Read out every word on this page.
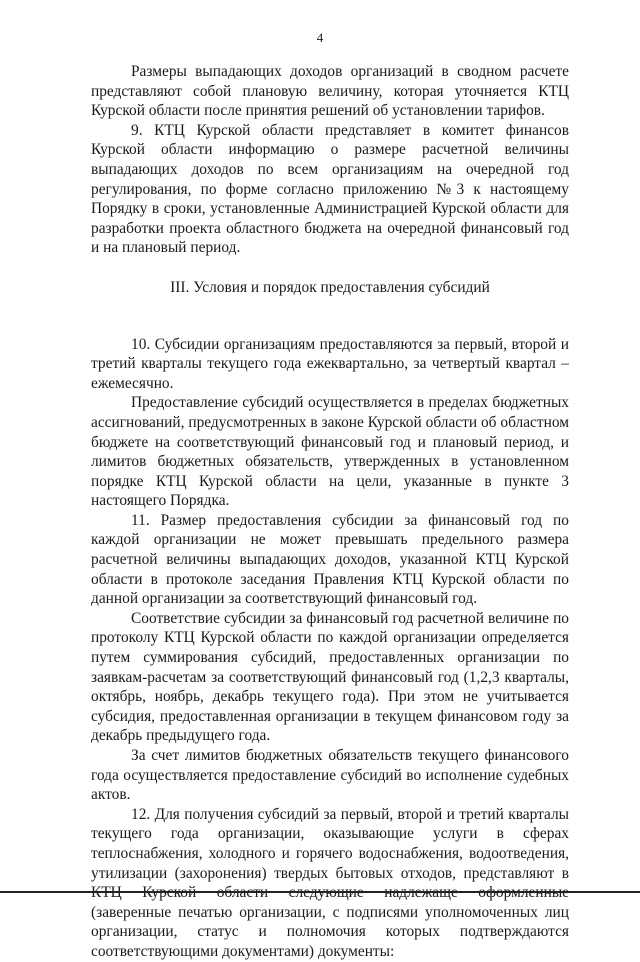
4

Размеры выпадающих доходов организаций в сводном расчете представляют собой плановую величину, которая уточняется КТЦ Курской области после принятия решений об установлении тарифов.

9. КТЦ Курской области представляет в комитет финансов Курской области информацию о размере расчетной величины выпадающих доходов по всем организациям на очередной год регулирования, по форме согласно приложению №3 к настоящему Порядку в сроки, установленные Администрацией Курской области для разработки проекта областного бюджета на очередной финансовый год и на плановый период.

III. Условия и порядок предоставления субсидий

10. Субсидии организациям предоставляются за первый, второй и третий кварталы текущего года ежеквартально, за четвертый квартал – ежемесячно.

Предоставление субсидий осуществляется в пределах бюджетных ассигнований, предусмотренных в законе Курской области об областном бюджете на соответствующий финансовый год и плановый период, и лимитов бюджетных обязательств, утвержденных в установленном порядке КТЦ Курской области на цели, указанные в пункте 3 настоящего Порядка.

11. Размер предоставления субсидии за финансовый год по каждой организации не может превышать предельного размера расчетной величины выпадающих доходов, указанной КТЦ Курской области в протоколе заседания Правления КТЦ Курской области по данной организации за соответствующий финансовый год.

Соответствие субсидии за финансовый год расчетной величине по протоколу КТЦ Курской области по каждой организации определяется путем суммирования субсидий, предоставленных организации по заявкам-расчетам за соответствующий финансовый год (1,2,3 кварталы, октябрь, ноябрь, декабрь текущего года). При этом не учитывается субсидия, предоставленная организации в текущем финансовом году за декабрь предыдущего года.

За счет лимитов бюджетных обязательств текущего финансового года осуществляется предоставление субсидий во исполнение судебных актов.

12. Для получения субсидий за первый, второй и третий кварталы текущего года организации, оказывающие услуги в сферах теплоснабжения, холодного и горячего водоснабжения, водоотведения, утилизации (захоронения) твердых бытовых отходов, представляют в (заверенные печатью организации, с подписями уполномоченных лиц организации, статус и полномочия которых подтверждаются соответствующими документами) документы:
